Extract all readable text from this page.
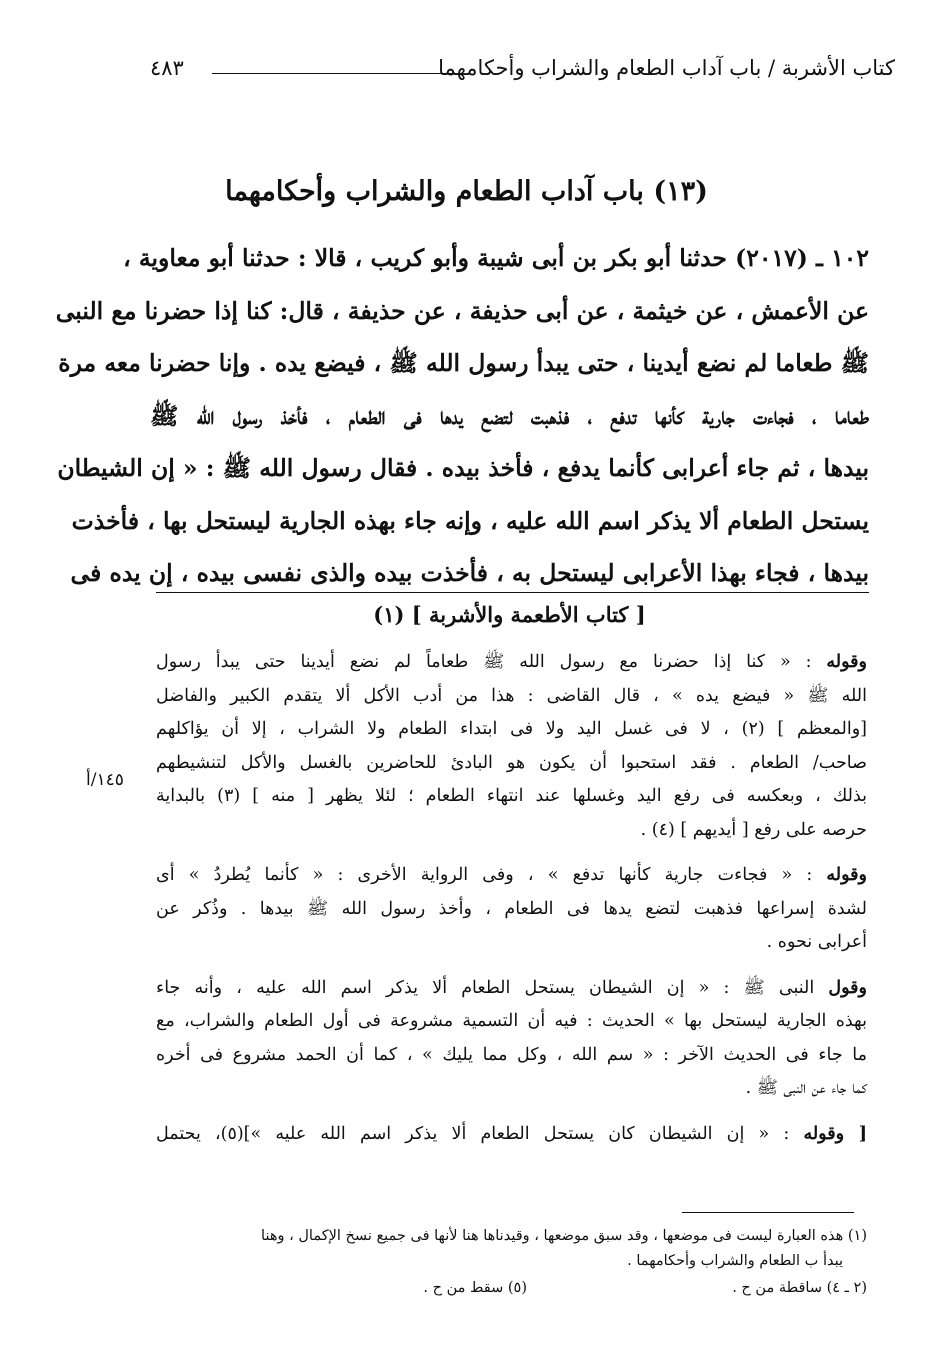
كتاب الأشربة / باب آداب الطعام والشراب وأحكامهما
٤٨٣
(١٣) باب آداب الطعام والشراب وأحكامهما
١٠٢ ـ (٢٠١٧) حدثنا أبو بكر بن أبى شيبة وأبو كريب ، قالا : حدثنا أبو معاوية ،
عن الأعمش ، عن خيثمة ، عن أبى حذيفة ، عن حذيفة ، قال: كنا إذا حضرنا مع النبى
ﷺ طعاما لم نضع أيدينا ، حتى يبدأ رسول الله ﷺ ، فيضع يده . وإنا حضرنا معه مرة
طعاما ، فجاءت جارية كأنها تدفع ، فذهبت لتضع يدها فى الطعام ، فأخذ رسول الله ﷺ
بيدها ، ثم جاء أعرابى كأنما يدفع ، فأخذ بيده . فقال رسول الله ﷺ : « إن الشيطان
يستحل الطعام ألا يذكر اسم الله عليه ، وإنه جاء بهذه الجارية ليستحل بها ، فأخذت
بيدها ، فجاء بهذا الأعرابى ليستحل به ، فأخذت بيده والذى نفسى بيده ، إن يده فى
[ كتاب الأطعمة والأشربة ] (١)
١٤٥/أ
وقوله : « كنا إذا حضرنا مع رسول الله ﷺ طعاماً لم نضع أيدينا حتى يبدأ رسول
الله ﷺ « فيضع يده » ، قال القاضى : هذا من أدب الأكل ألا يتقدم الكبير والفاضل
[والمعظم ] (٢) ، لا فى غسل اليد ولا فى ابتداء الطعام ولا الشراب ، إلا أن يؤاكلهم
صاحب/ الطعام . فقد استحبوا أن يكون هو البادئ للحاضرين بالغسل والأكل لتنشيطهم
بذلك ، وبعكسه فى رفع اليد وغسلها عند انتهاء الطعام ؛ لئلا يظهر [ منه ] (٣) بالبداية
حرصه على رفع [ أيديهم ] (٤) .
وقوله : « فجاءت جارية كأنها تدفع » ، وفى الرواية الأخرى : « كأنما يُطردُ » أى
لشدة إسراعها فذهبت لتضع يدها فى الطعام ، وأخذ رسول الله ﷺ بيدها . وذُكر عن
أعرابى نحوه .
وقول النبى ﷺ : « إن الشيطان يستحل الطعام ألا يذكر اسم الله عليه ، وأنه جاء
بهذه الجارية ليستحل بها » الحديث : فيه أن التسمية مشروعة فى أول الطعام والشراب، مع
ما جاء فى الحديث الآخر : « سم الله ، وكل مما يليك » ، كما أن الحمد مشروع فى أخره
كما جاء عن النبى ﷺ .
[ وقوله : « إن الشيطان كان يستحل الطعام ألا يذكر اسم الله عليه »](٥)، يحتمل
(١) هذه العبارة ليست فى موضعها ، وقد سبق موضعها ، وقيدناها هنا لأنها فى جميع نسخ الإكمال ، وهنا
يبدأ ب الطعام والشراب وأحكامهما .
(٢ ـ ٤) ساقطة من ح .
(٥) سقط من ح .
